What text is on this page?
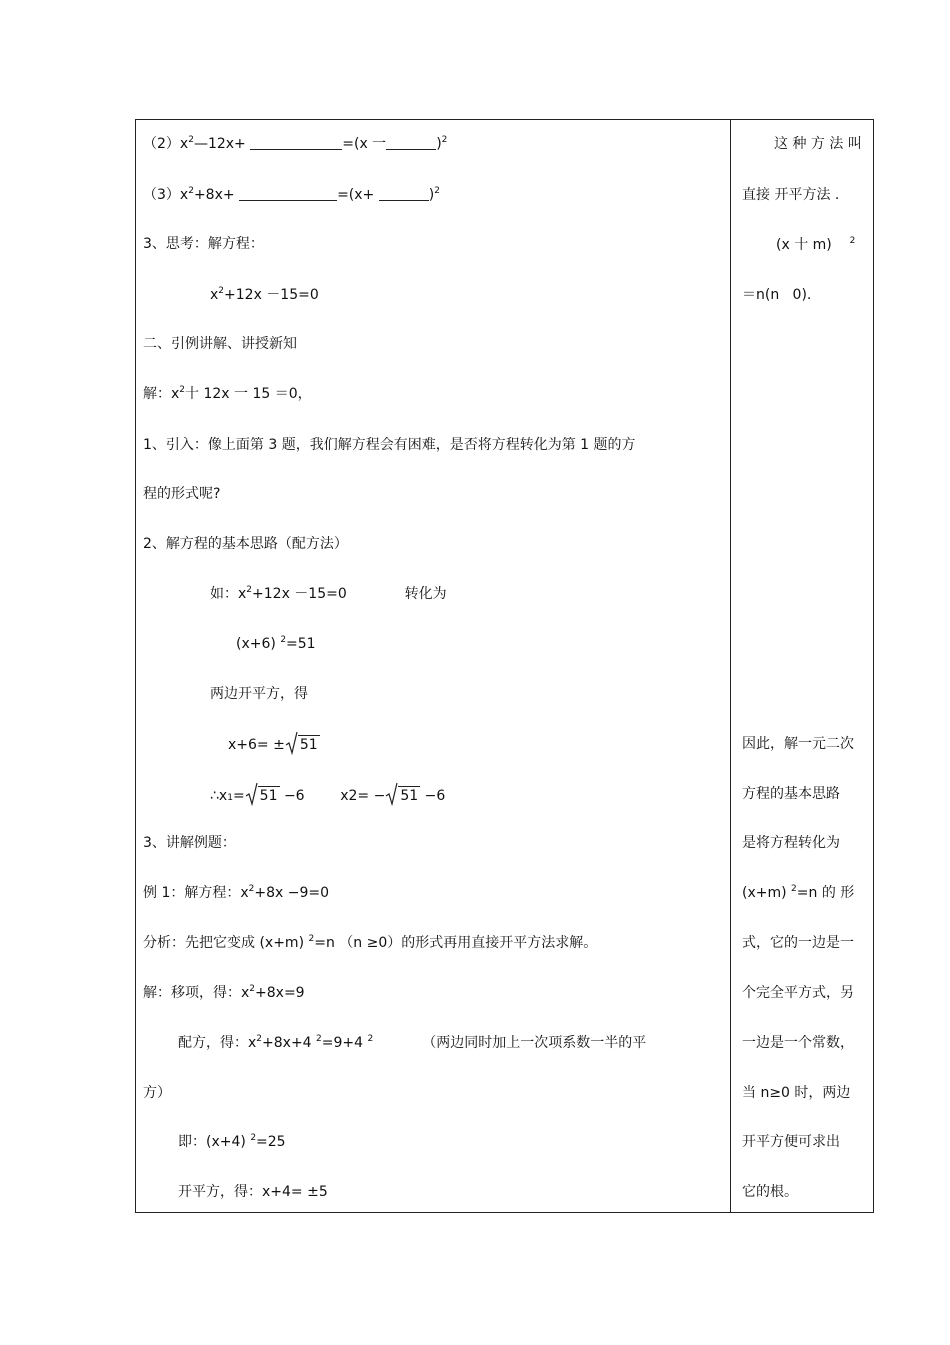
$(2)x^2—12x+$	=(x 一	)$^2$
$(3)x^2+8x+$	=(x+	)$^2$
3、思考：解方程：
$x^2+12x -15=0$
二、引例讲解、讲授新知
解：$x^2$十 12x 一 15 ＝0，
1、引入：像上面第 3 题，我们解方程会有困难，是否将方程转化为第 1 题的方
程的形式呢?
2、解方程的基本思路（配方法）
如：$x^2+12x -15=0$	转化为
(x+6) $^2$=51
两边开平方，得
x+6= ± 51
∴x1= 51 −6	x2= − 51 −6
3、讲解例题：
例 1：解方程：$x^2+8x -9=0$
分析：先把它变成 (x+m) $^2$=n （n ≥0）的形式再用直接开平方法求解。
解：移项，得：$x^2+8x=9$
配方，得：$x^2+8x+4$ $^2$=9+4 $^2$	（两边同时加上一次项系数一半的平
方）
即：(x+4) $^2$=25
开平方，得：x+4= ±5
这 种 方 法 叫
直接 开平方法 .
(x 十 m) $^2$
＝n(n   0).
因此，解一元二次
方程的基本思路
是将方程转化为
(x+m) $^2$=n 的 形
式，它的一边是一
个完全平方式，另
一边是一个常数，
当 n≥0 时，两边
开平方便可求出
它的根。
